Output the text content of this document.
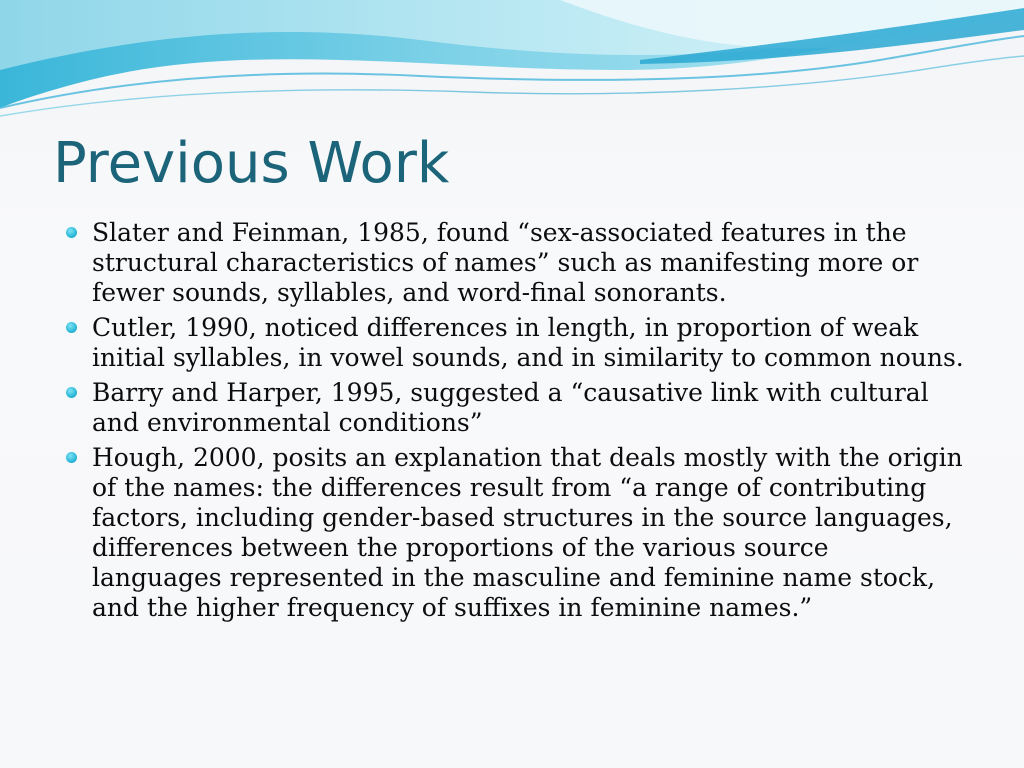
Previous Work
Slater and Feinman, 1985, found “sex-associated features in the structural characteristics of names” such as manifesting more or fewer sounds, syllables, and word-final sonorants.
Cutler, 1990, noticed differences in length, in proportion of weak initial syllables, in vowel sounds, and in similarity to common nouns.
Barry and Harper, 1995, suggested a “causative link with cultural and environmental conditions”
Hough, 2000, posits an explanation that deals mostly with the origin of the names: the differences result from “a range of contributing factors, including gender-based structures in the source languages, differences between the proportions of the various source languages represented in the masculine and feminine name stock, and the higher frequency of suffixes in feminine names.”
